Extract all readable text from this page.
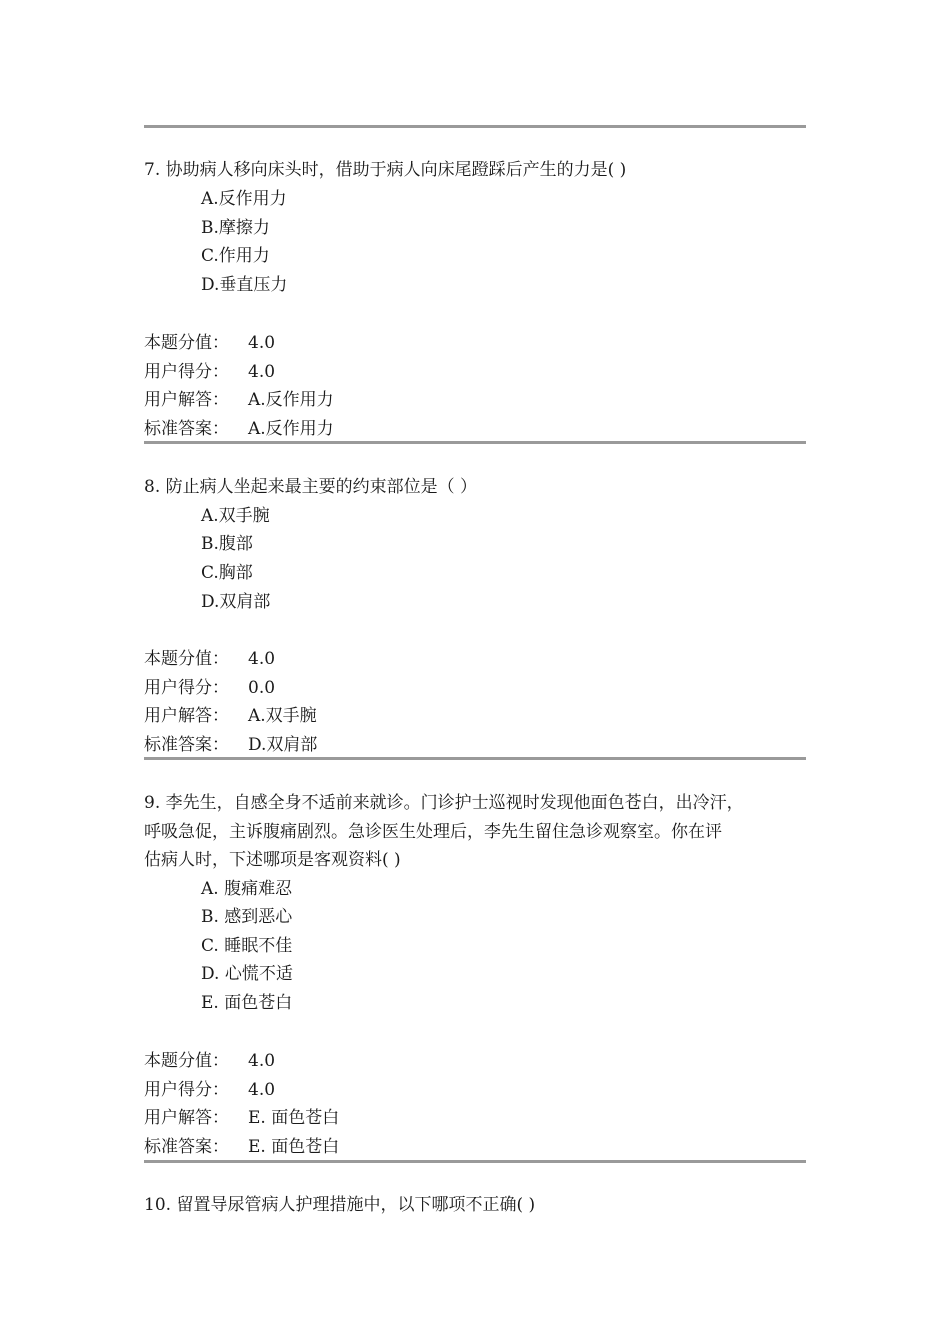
7. 协助病人移向床头时，借助于病人向床尾蹬踩后产生的力是( )
A.反作用力
B.摩擦力
C.作用力
D.垂直压力
本题分值： 4.0
用户得分： 4.0
用户解答： A.反作用力
标准答案： A.反作用力
8. 防止病人坐起来最主要的约束部位是（ ）
A.双手腕
B.腹部
C.胸部
D.双肩部
本题分值： 4.0
用户得分： 0.0
用户解答： A.双手腕
标准答案： D.双肩部
9. 李先生，自感全身不适前来就诊。门诊护士巡视时发现他面色苍白，出冷汗，
呼吸急促，主诉腹痛剧烈。急诊医生处理后，李先生留住急诊观察室。你在评
估病人时，下述哪项是客观资料( )
A. 腹痛难忍
B. 感到恶心
C. 睡眠不佳
D. 心慌不适
E. 面色苍白
本题分值： 4.0
用户得分： 4.0
用户解答： E. 面色苍白
标准答案： E. 面色苍白
10. 留置导尿管病人护理措施中，以下哪项不正确( )
